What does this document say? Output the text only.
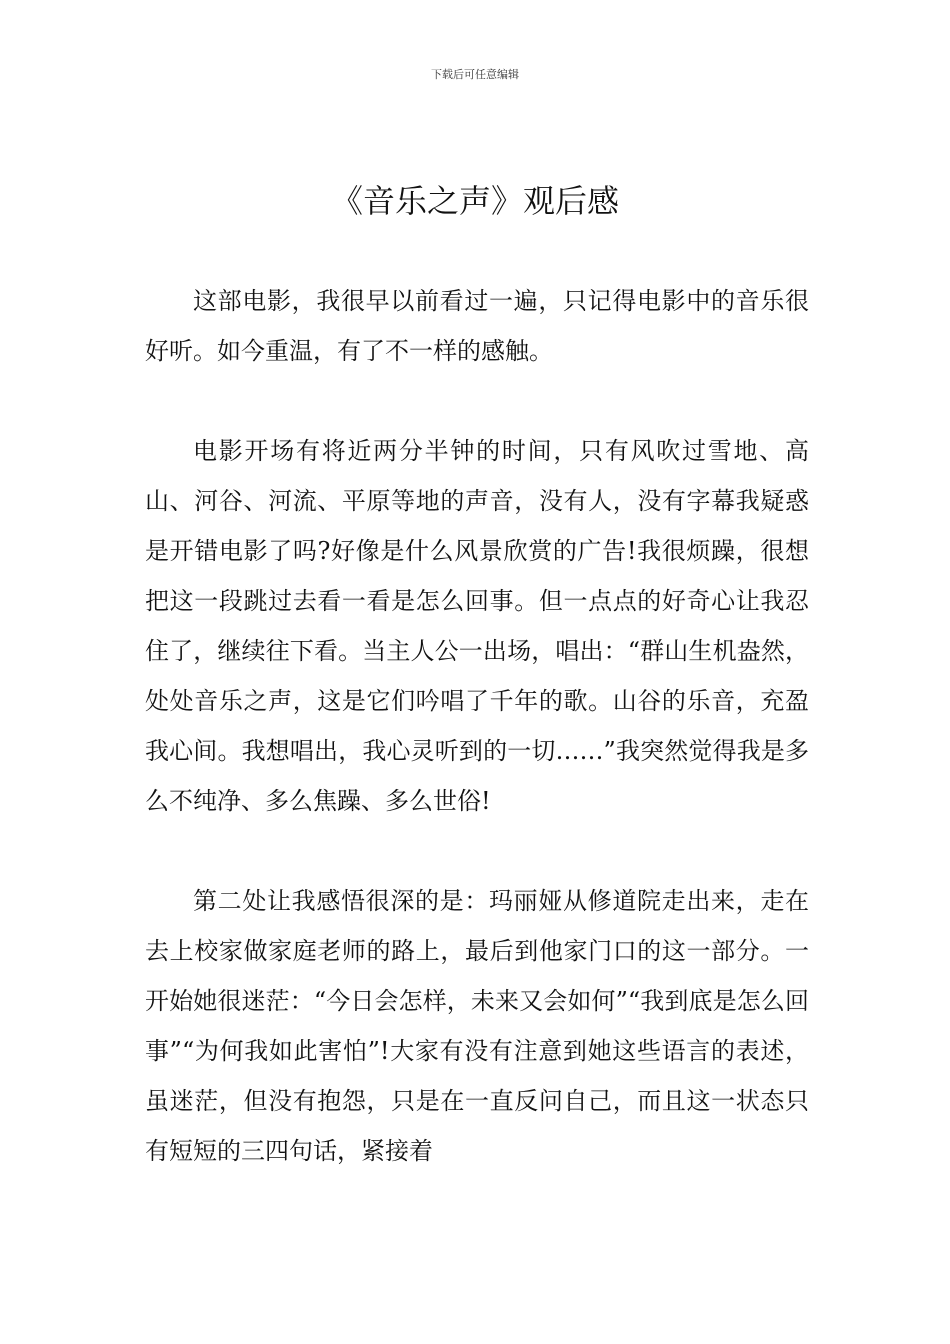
下载后可任意编辑
《音乐之声》观后感

这部电影，我很早以前看过一遍，只记得电影中的音乐很好听。如今重温，有了不一样的感触。

电影开场有将近两分半钟的时间，只有风吹过雪地、高山、河谷、河流、平原等地的声音，没有人，没有字幕我疑惑是开错电影了吗?好像是什么风景欣赏的广告!我很烦躁，很想把这一段跳过去看一看是怎么回事。但一点点的好奇心让我忍住了，继续往下看。当主人公一出场，唱出：“群山生机盎然，处处音乐之声，这是它们吟唱了千年的歌。山谷的乐音，充盈我心间。我想唱出，我心灵听到的一切……”我突然觉得我是多么不纯净、多么焦躁、多么世俗!

第二处让我感悟很深的是：玛丽娅从修道院走出来，走在去上校家做家庭老师的路上，最后到他家门口的这一部分。一开始她很迷茫：“今日会怎样，未来又会如何”“我到底是怎么回事”“为何我如此害怕”!大家有没有注意到她这些语言的表述，虽迷茫，但没有抱怨，只是在一直反问自己，而且这一状态只有短短的三四句话，紧接着
